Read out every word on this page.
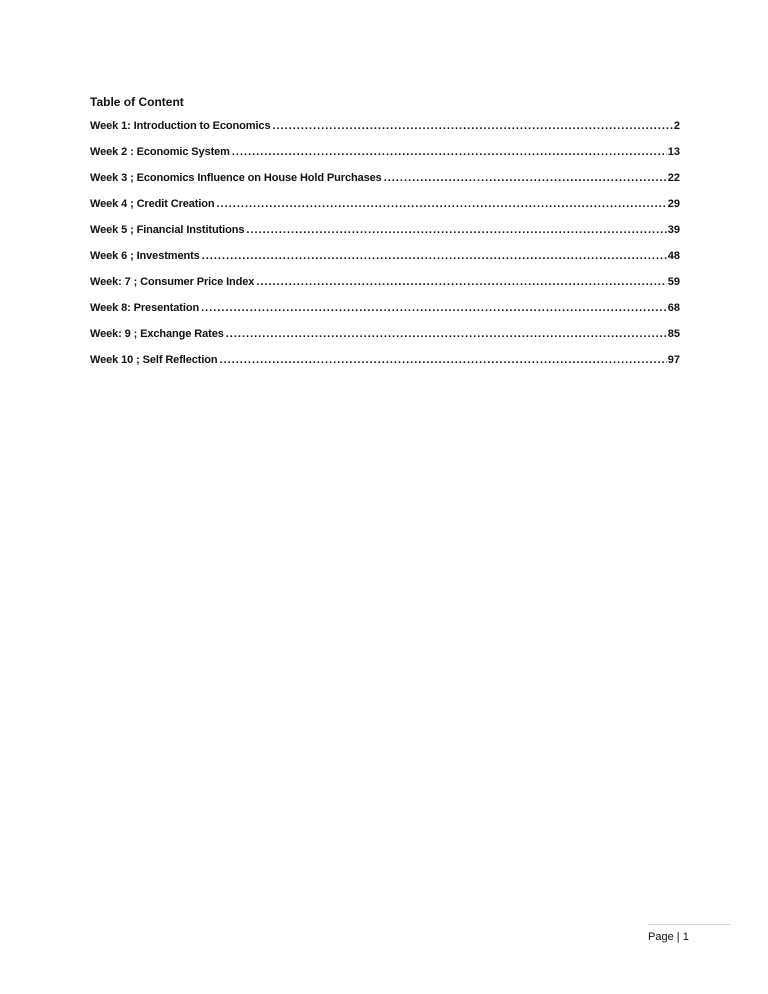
Table of Content
Week 1: Introduction to Economics .....	2
Week 2 : Economic System .....	13
Week 3 ; Economics Influence on House Hold Purchases .....	22
Week 4 ; Credit Creation .....	29
Week 5 ; Financial Institutions .....	39
Week 6 ; Investments .....	48
Week: 7 ; Consumer Price Index .....	59
Week 8: Presentation .....	68
Week: 9 ; Exchange Rates .....	85
Week 10 ; Self Reflection .....	97
Page | 1
